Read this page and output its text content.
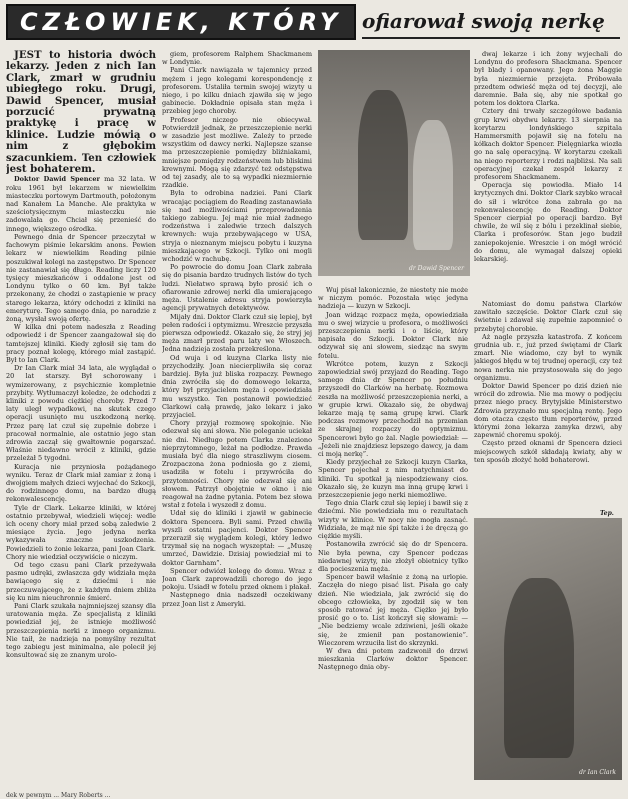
CZŁOWIEK, KTÓRY ofiarował swoją nerkę

JEST to historia dwóch lekarzy. Jeden z nich Ian Clark, zmarł w grudniu ubiegłego roku. Drugi, Dawid Spencer, musiał porzucić prywatną praktykę i pracę w klinice. Ludzie mówią o nim z głębokim szacunkiem. Ten człowiek jest bohaterem.

Doktor Dawid Spencer ma 32 lata. W roku 1961 był lekarzem w niewielkim miasteczku portowym Dartmouth, położonym nad Kanałem La Manche. Ale praktyka w sześciotysięcznym miasteczku nie zadowalała go. Chciał się przenieść do innego, większego ośrodka.

Pewnego dnia dr Spencer przeczytał w fachowym piśmie lekarskim anons. Pewien lekarz w niewielkim Reading pilnie poszukiwał kolegi na zastępstwo. Dr Spencer nie zastanawiał się długo. Reading liczy 120 tysięcy mieszkańców i oddalone jest od Londynu tylko o 60 km. Był także przekonany, że chodzi o zastąpienie w pracy starego lekarza, który odchodzi z kliniki na emeryturę. Tego samego dnia, po naradzie z żoną, wysłał swoją ofertę.

W kilka dni potem nadeszła z Reading odpowiedź i dr Spencer zaangażował się do tamtejszej kliniki. Kiedy zgłosił się tam do pracy poznał kolegę, którego miał zastąpić. Był to Ian Clark.

Dr Ian Clark miał 34 lata, ale wyglądał o 20 lat starszy. Był schorowany i wymizerowany, z psychicznie kompletnie przybity. Wytłumaczył koledze, że odchodzi z kliniki z powodu ciężkiej choroby. Przed 7 laty uległ wypadkowi, na skutek czego operacji usunięto mu uszkodzoną nerkę. Przez parę lat czuł się zupełnie dobrze i pracował normalnie, ale ostatnio jego stan zdrowia zaczął się gwałtownie pogarszać. Właśnie niedawno wrócił z kliniki, gdzie przeleżał 5 tygodni.

Kuracja nie przyniosła pożądanego wyniku. Teraz dr Clark miał zamiar z żoną i dwojgiem małych dzieci wyjechać do Szkocji, do rodzinnego domu, na bardzo długą rekonwalescencję.

Tyle dr Clark. Lekarze kliniki, w której ostatnio przebywał, wiedzieli więcej: wedle ich oceny chory miał przed sobą zaledwie 2 miesiące życia. Jego jedyna nerka wykazywała znaczne uszkodzenia. Powiedzieli to żonie lekarza, pani Joan Clark. Chory nie wiedział oczywiście o niczym.

Od tego czasu pani Clark przeżywała pasmo udręki, zwłaszcza gdy widziała męża bawiącego się z dziećmi i nie przeczuwającego, że z każdym dniem zbliża się ku nim nieuchronnie śmierć.

Pani Clark szukała najmniejszej szansy dla uratowania męża. Ze specjalistą z kliniki powiedział jej, że istnieje możliwość przeszczepienia nerki z innego organizmu. Nie taił, że nadzieja na pomyślny rezultat tego zabiegu jest minimalna, ale polecił jej konsultować się ze znanym urolo-

giem, profesorem Ralphem Shackmanem w Londynie.

Pani Clark nawiązała w tajemnicy przed mężem i jego kolegami korespondencję z profesorem. Ustaliła termin swojej wizyty u niego, i po kilku dniach zjawiła się w jego gabinecie. Dokładnie opisała stan męża i przebieg jego choroby.

Profesor niczego nie obiecywał. Potwierdził jednak, że przeszczepienie nerki w zasadzie jest możliwe. Zależy to przede wszystkim od dawcy nerki. Najlepsze szanse ma przeszczepienie pomiędzy bliźniakami, mniejsze pomiędzy rodzeństwem lub bliskimi krewnymi. Mogą się zdarzyć też odstępstwa od tej zasady, ale to są wypadki niezmiernie rzadkie.

Była to odrobina nadziei. Pani Clark wracając pociągiem do Reading zastanawiała się nad możliwościami przeprowadzenia takiego zabiegu. Jej mąż nie miał żadnego rodzeństwa i zaledwie trzech dalszych krewnych: wuja przebywającego w USA, stryja o nieznanym miejscu pobytu i kuzyna mieszkającego w Szkocji. Tylko oni mogli wchodzić w rachubę.

Po powrocie do domu Joan Clark zabrała się do pisania bardzo trudnych listów do tych ludzi. Niełatwo sprawą było prosić ich o ofiarowanie zdrowej nerki dla umierającego męża. Ustalenie adresu stryja powierzyła agencji prywatnych detektywów.

Mijały dni. Doktor Clark czuł się lepiej, był pełen radości i optymizmu. Wreszcie przyszła pierwsza odpowiedź. Okazało się, że stryj jej męża zmarł przed paru laty we Włoszech. Jedna nadzieja została przekreślona.

Od wuja i od kuzyna Clarka listy nie przychodziły. Joan niecierpliwiła się coraz bardziej. Była już bliska rozpaczy. Pewnego dnia zwróciła się do domowego lekarza, który był przyjacielem męża i opowiedziała mu wszystko. Ten postanowił powiedzieć Clarkowi całą prawdę, jako lekarz i jako przyjaciel.

Chory przyjął rozmowę spokojnie. Nie odezwał się ani słowa. Nie poleganie uciekał nie dni. Niedługo potem Clarka znaleziono nieprzytomnego, leżał na podłodze. Prawda musiała być dla niego straszliwym ciosem. Zrozpaczona żona podniosła go z ziemi, usadziła w fotelu i przywróciła do przytomności. Chory nie odezwał się ani słowem. Patrzył obojętnie w okno i nie reagował na żadne pytania. Potem bez słowa wstał z fotela i wyszedł z domu.

Udał się do kliniki i zjawił w gabinecie doktora Spencera. Byli sami. Przed chwilą wyszli ostatni pacjenci. Doktor Spencer przeraził się wyglądem kolegi, który ledwo trzymał się na nogach wyszeptał: — „Muszę umrzeć, Dawidzie. Dzisiaj powiedział mi to doktor Garnham”.

Spencer odwiózł kolegę do domu. Wraz z Joan Clark zaprowadzili chorego do jego pokoju. Usiadł w fotelu przed oknem i płakał.

Następnego dnia nadszedł oczekiwany przez Joan list z Ameryki.

dr Dawid Spencer

Wuj pisał lakonicznie, że niestety nie może w niczym pomóc. Pozostała więc jedyna nadzieja — kuzyn w Szkocji.

Joan widząc rozpacz męża, opowiedziała mu o swej wizycie u profesora, o możliwości przeszczepienia nerki i o liście, który napisała do Szkocji. Doktor Clark nie odzywał się ani słowem, siedząc na swym fotelu.

Wkrótce potem, kuzyn z Szkocji zapowiedział swój przyjazd do Reading. Tego samego dnia dr Spencer po południu przyszedł do Clarków na herbatę. Rozmowa zeszła na możliwość przeszczepienia nerki, a w grupie krwi. Okazało się, że obydwaj lekarze mają tę samą grupę krwi. Clark podczas rozmowy przechodził na przemian ze skrajnej rozpaczy do optymizmu. Spencerowi było go żal. Nagle powiedział: — „Jeżeli nie znajdziesz lepszego dawcy, ja dam ci moją nerkę”.

Kiedy przyjechał ze Szkocji kuzyn Clarka, Spencer pojechał z nim natychmiast do kliniki. Tu spotkał ją niespodziewany cios. Okazało się, że kuzyn ma inną grupę krwi i przeszczepienie jego nerki niemożliwe.

Tego dnia Clark czuł się lepiej i bawił się z dziećmi. Nie powiedziała mu o rezultatach wizyty w klinice. W nocy nie mogła zasnąć. Widziała, że mąż nie śpi także i że dręczą go ciężkie myśli.

Postanowiła zwrócić się do dr Spencera. Nie była pewna, czy Spencer podczas niedawnej wizyty, nie złożył obietnicy tylko dla pocieszenia męża.

Spencer bawił właśnie z żoną na urlopie. Zaczęła do niego pisać list. Pisała go cały dzień. Nie wiedziała, jak zwrócić się do obcego człowieka, by zgodził się w ten sposób ratować jej męża. Ciężko jej było prosić go o to. List kończył się słowami: — „Nie bedziemy wcale zdziwieni, jeśli okaże się, że zmienił pan postanowienie”. Wieczorem wrzuciła list do skrzynki.

W dwa dni potem zadzwonił do drzwi mieszkania Clarków doktor Spencer. Następnego dnia oby-

dwaj lekarze i ich żony wyjechali do Londynu do profesora Shackmana. Spencer był blady i opanowany. Jego żona Maggie była niezmiernie przejęta. Próbowała przedtem odwieść męża od tej decyzji, ale daremnie. Bała się, aby nie spotkał go potem los doktora Clarka.

Cztery dni trwały szczegółowe badania grup krwi obydwu lekarzy. 13 sierpnia na korytarzu londyńskiego szpitala Hammersmith pojawił się na fotelu na kółkach doktor Spencer. Pielęgniarka wiozła go na salę operacyjną. W korytarzu czekali na niego reporterzy i rodzi najbliżsi. Na sali operacyjnej czekał zespół lekarzy z profesorem Shackmanem.

Operacja się powiodła. Miało 14 krytycznych dni. Doktor Clark szybko wracał do sił i wkrótce żona zabrała go na rekonwalescencję do Reading. Doktor Spencer cierpiał po operacji bardzo. Był chwile, że wil się z bólu i przeklinał siebie, Clarka i profesorów. Stan jego budził zaniepokojenie. Wreszcie i on mógł wrócić do domu, ale wymagał dalszej opieki lekarskiej.

Natomiast do domu państwa Clarków zawitało szczęście. Doktor Clark czuł się świetnie i zdawał się zupełnie zapomnieć o przebytej chorobie.

Aż nagle przyszła katastrofa. Z końcem grudnia ub. r., już przed świętami dr Clark zmarł. Nie wiadomo, czy był to wynik jakiegoś błędu w tej trudnej operacji, czy też nowa nerka nie przystosowała się do jego organizmu.

Doktor Dawid Spencer po dziś dzień nie wrócił do zdrowia. Nie ma mowy o podjęciu przez niego pracy. Brytyjskie Ministerstwo Zdrowia przyznało mu specjalną rentę. Jego dom otacza często tłum reporterów, przed którymi żona lekarza zamyka drzwi, aby zapewnić choremu spokój.

Często przed oknami dr Spencera dzieci miejscowych szkół składają kwiaty, aby w ten sposób złożyć hołd bohaterowi.

Tep.
dr Ian Clark
dek w pewnym ... Mary Roberts ...
